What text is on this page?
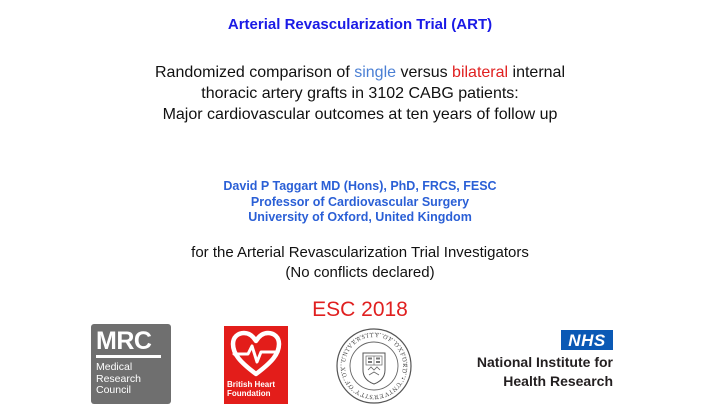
Arterial Revascularization Trial (ART)
Randomized comparison of single versus bilateral internal
thoracic artery grafts in 3102 CABG patients:
Major cardiovascular outcomes at ten years of follow up
David P Taggart MD (Hons), PhD, FRCS, FESC
Professor of Cardiovascular Surgery
University of Oxford, United Kingdom
for the Arterial Revascularization Trial Investigators
(No conflicts declared)
ESC 2018
MRC
Medical
Research
Council	British Heart
Foundation
UNIVERSITY OF OXFORD • UNIVERSITY OF OX
NHS
National Institute for
Health Research
